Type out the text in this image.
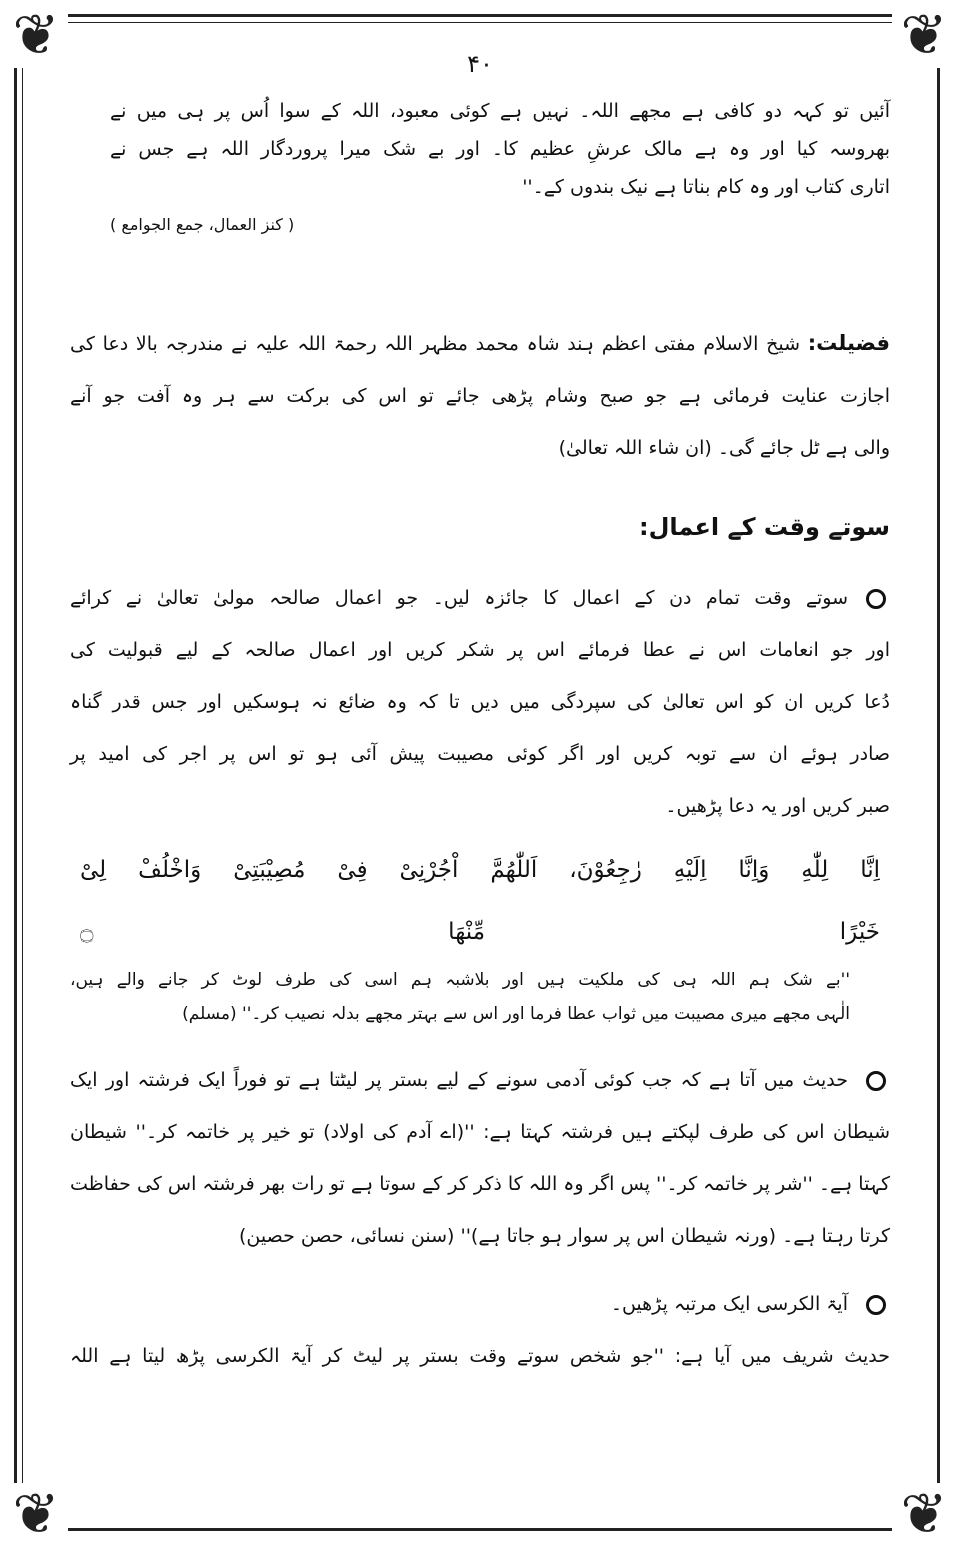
❦	❦
❦	❦
۴۰
آئیں تو کہہ دو کافی ہے مجھے اللہ۔ نہیں ہے کوئی معبود، اللہ کے سوا اُس پر ہی میں نے
بھروسہ کیا اور وہ ہے مالک عرشِ عظیم کا۔ اور بے شک میرا پروردگار اللہ ہے جس نے
اتاری کتاب اور وہ کام بناتا ہے نیک بندوں کے۔''
( کنز العمال، جمع الجوامع )
فضیلت: شیخ الاسلام مفتی اعظم ہند شاہ محمد مظہر اللہ رحمۃ اللہ علیہ نے مندرجہ بالا دعا کی
اجازت عنایت فرمائی ہے جو صبح وشام پڑھی جائے تو اس کی برکت سے ہر وہ آفت جو آنے
والی ہے ٹل جائے گی۔ (ان شاء اللہ تعالیٰ)
سوتے وقت کے اعمال:
سوتے وقت تمام دن کے اعمال کا جائزہ لیں۔ جو اعمال صالحہ مولیٰ تعالیٰ نے کرائے
اور جو انعامات اس نے عطا فرمائے اس پر شکر کریں اور اعمال صالحہ کے لیے قبولیت کی
دُعا کریں ان کو اس تعالیٰ کی سپردگی میں دیں تا کہ وہ ضائع نہ ہوسکیں اور جس قدر گناہ
صادر ہوئے ان سے توبہ کریں اور اگر کوئی مصیبت پیش آئی ہو تو اس پر اجر کی امید پر
صبر کریں اور یہ دعا پڑھیں۔
اِنَّا لِلّٰهِ وَاِنَّا اِلَيْهِ رٰجِعُوْنَ، اَللّٰهُمَّ اْجُرْنِیْ فِیْ مُصِيْبَتِیْ وَاخْلُفْ لِیْ
خَيْرًا مِّنْهَا ۝
''بے شک ہم اللہ ہی کی ملکیت ہیں اور بلاشبہ ہم اسی کی طرف لوٹ کر جانے والے ہیں،
الٰہی مجھے میری مصیبت میں ثواب عطا فرما اور اس سے بہتر مجھے بدلہ نصیب کر۔'' (مسلم)
حدیث میں آتا ہے کہ جب کوئی آدمی سونے کے لیے بستر پر لیٹتا ہے تو فوراً ایک فرشتہ اور ایک
شیطان اس کی طرف لپکتے ہیں فرشتہ کہتا ہے: ''(اے آدم کی اولاد) تو خیر پر خاتمہ کر۔'' شیطان
کہتا ہے۔ ''شر پر خاتمہ کر۔'' پس اگر وہ اللہ کا ذکر کر کے سوتا ہے تو رات بھر فرشتہ اس کی حفاظت
کرتا رہتا ہے۔ (ورنہ شیطان اس پر سوار ہو جاتا ہے)'' (سنن نسائی، حصن حصین)
آیۃ الکرسی ایک مرتبہ پڑھیں۔
حدیث شریف میں آیا ہے: ''جو شخص سوتے وقت بستر پر لیٹ کر آیۃ الکرسی پڑھ لیتا ہے اللہ
